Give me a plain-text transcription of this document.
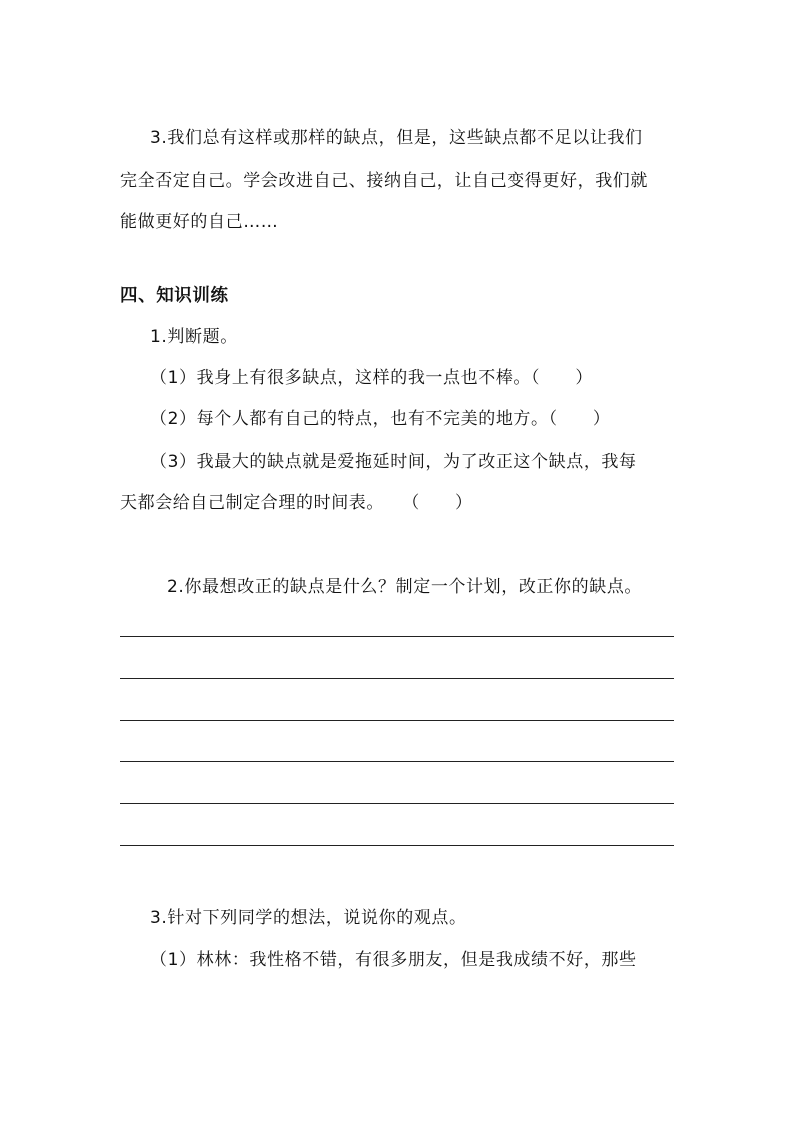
3.我们总有这样或那样的缺点，但是，这些缺点都不足以让我们
完全否定自己。学会改进自己、接纳自己，让自己变得更好，我们就
能做更好的自己……
四、知识训练
1.判断题。
（1）我身上有很多缺点，这样的我一点也不棒。（　　）
（2）每个人都有自己的特点，也有不完美的地方。（　　）
（3）我最大的缺点就是爱拖延时间，为了改正这个缺点，我每
天都会给自己制定合理的时间表。　　（　　）
2.你最想改正的缺点是什么？制定一个计划，改正你的缺点。
3.针对下列同学的想法，说说你的观点。
（1）林林：我性格不错，有很多朋友，但是我成绩不好，那些
